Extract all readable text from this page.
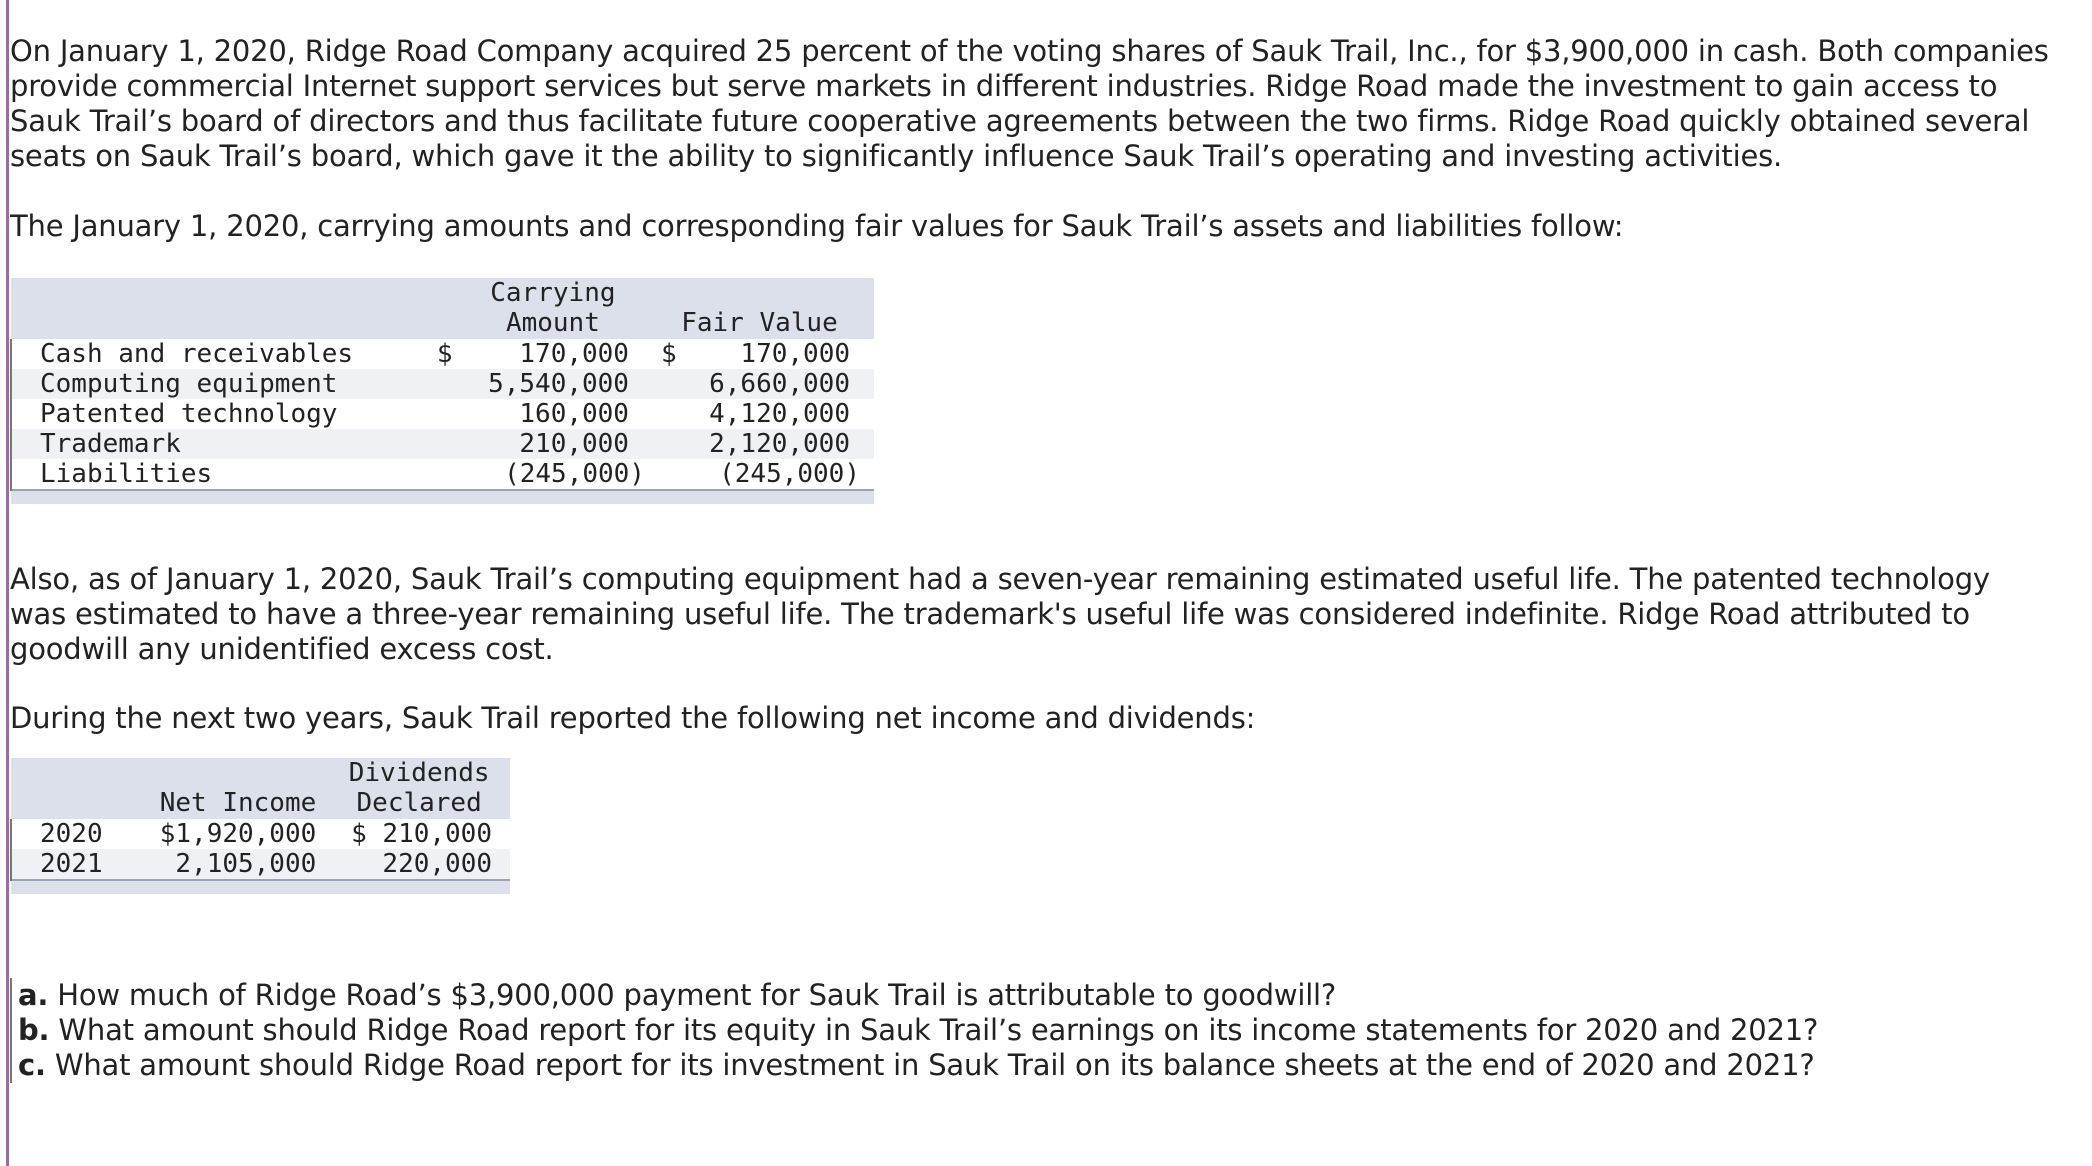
On January 1, 2020, Ridge Road Company acquired 25 percent of the voting shares of Sauk Trail, Inc., for $3,900,000 in cash. Both companies provide commercial Internet support services but serve markets in different industries. Ridge Road made the investment to gain access to Sauk Trail’s board of directors and thus facilitate future cooperative agreements between the two firms. Ridge Road quickly obtained several seats on Sauk Trail’s board, which gave it the ability to significantly influence Sauk Trail’s operating and investing activities.

The January 1, 2020, carrying amounts and corresponding fair values for Sauk Trail’s assets and liabilities follow:

	Carrying
Amount		Fair Value	
Cash and receivables	$	170,000	$	170,000
Computing equipment		5,540,000		6,660,000
Patented technology		160,000		4,120,000
Trademark		210,000		2,120,000
Liabilities		(245,000)		(245,000)

Also, as of January 1, 2020, Sauk Trail’s computing equipment had a seven-year remaining estimated useful life. The patented technology was estimated to have a three-year remaining useful life. The trademark's useful life was considered indefinite. Ridge Road attributed to goodwill any unidentified excess cost.

During the next two years, Sauk Trail reported the following net income and dividends:

	Net Income	Dividends
Declared
2020	$1,920,000	$ 210,000
2021	2,105,000	220,000

a. How much of Ridge Road’s $3,900,000 payment for Sauk Trail is attributable to goodwill?

b. What amount should Ridge Road report for its equity in Sauk Trail’s earnings on its income statements for 2020 and 2021?

c. What amount should Ridge Road report for its investment in Sauk Trail on its balance sheets at the end of 2020 and 2021?
